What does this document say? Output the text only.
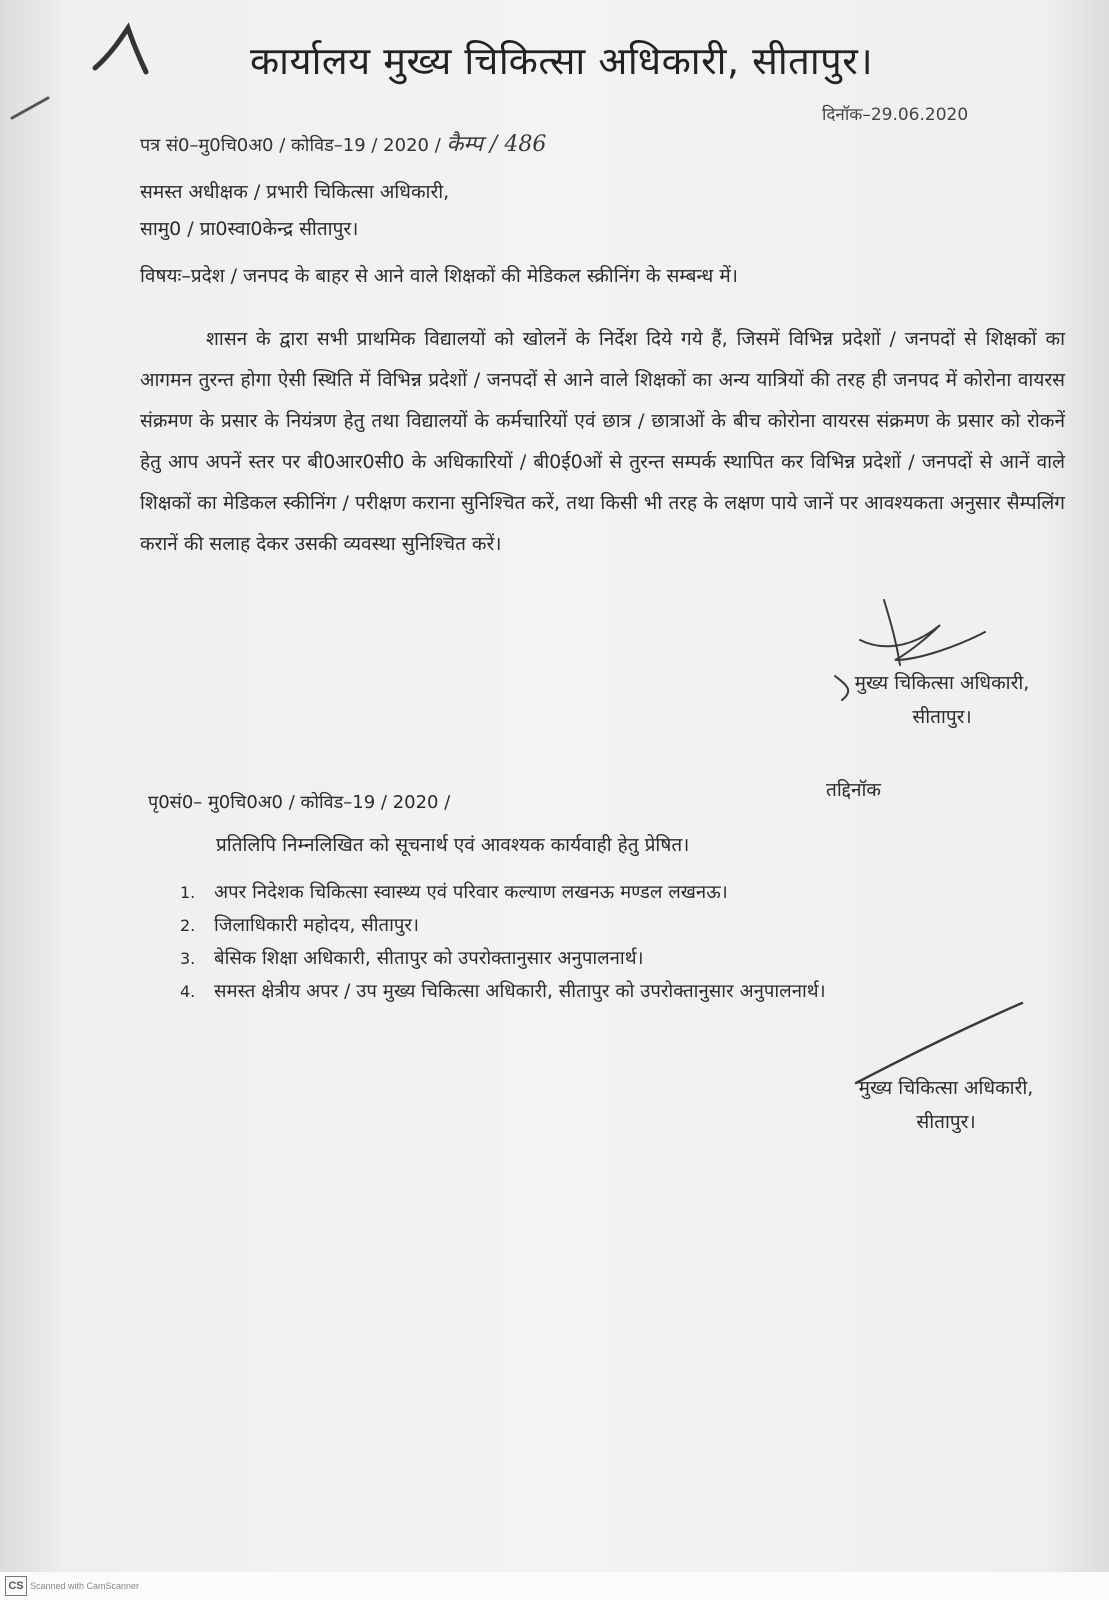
कार्यालय मुख्य चिकित्सा अधिकारी, सीतापुर।
दिनॉक–29.06.2020
पत्र सं0–मु0चि0अ0 / कोविड–19 / 2020 / कैम्प / 486
समस्त अधीक्षक / प्रभारी चिकित्सा अधिकारी,
सामु0 / प्रा0स्वा0केन्द्र सीतापुर।
विषयः–प्रदेश / जनपद के बाहर से आने वाले शिक्षकों की मेडिकल स्क्रीनिंग के सम्बन्ध में।

शासन के द्वारा सभी प्राथमिक विद्यालयों को खोलनें के निर्देश दिये गये हैं, जिसमें विभिन्न प्रदेशों / जनपदों से शिक्षकों का आगमन तुरन्त होगा ऐसी स्थिति में विभिन्न प्रदेशों / जनपदों से आने वाले शिक्षकों का अन्य यात्रियों की तरह ही जनपद में कोरोना वायरस संक्रमण के प्रसार के नियंत्रण हेतु तथा विद्यालयों के कर्मचारियों एवं छात्र / छात्राओं के बीच कोरोना वायरस संक्रमण के प्रसार को रोकनें हेतु आप अपनें स्तर पर बी0आर0सी0 के अधिकारियों / बी0ई0ओं से तुरन्त सम्पर्क स्थापित कर विभिन्न प्रदेशों / जनपदों से आनें वाले शिक्षकों का मेडिकल स्कीनिंग / परीक्षण कराना सुनिश्चित करें, तथा किसी भी तरह के लक्षण पाये जानें पर आवश्यकता अनुसार सैम्पलिंग करानें की सलाह देकर उसकी व्यवस्था सुनिश्चित करें।

मुख्य चिकित्सा अधिकारी,
सीतापुर।
पृ0सं0– मु0चि0अ0 / कोविड–19 / 2020 /
तद्दिनॉक
प्रतिलिपि निम्नलिखित को सूचनार्थ एवं आवश्यक कार्यवाही हेतु प्रेषित।
1. अपर निदेशक चिकित्सा स्वास्थ्य एवं परिवार कल्याण लखनऊ मण्डल लखनऊ।
2. जिलाधिकारी महोदय, सीतापुर।
3. बेसिक शिक्षा अधिकारी, सीतापुर को उपरोक्तानुसार अनुपालनार्थ।
4. समस्त क्षेत्रीय अपर / उप मुख्य चिकित्सा अधिकारी, सीतापुर को उपरोक्तानुसार अनुपालनार्थ।
मुख्य चिकित्सा अधिकारी,
सीतापुर।
CS Scanned with CamScanner
